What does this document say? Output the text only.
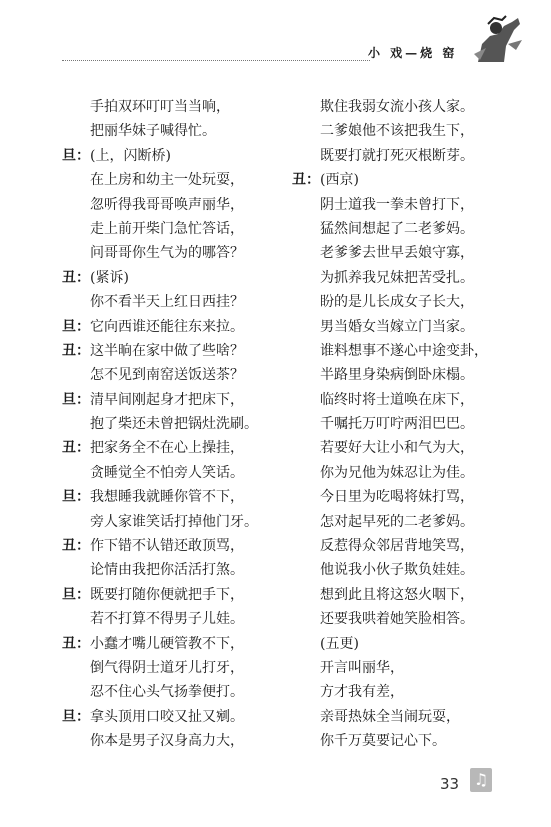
小 戏—烧 窑
手拍双环叮叮当当响，
把丽华妹子喊得忙。
旦：(上，闪断桥)
在上房和幼主一处玩耍，
忽听得我哥哥唤声丽华，
走上前开柴门急忙答话，
问哥哥你生气为的哪答？
丑：(紧诉)
你不看半天上红日西挂？
旦：它向西谁还能往东来拉。
丑：这半晌在家中做了些啥？
怎不见到南窑送饭送茶？
旦：清早间刚起身才把床下，
抱了柴还未曾把锅灶洗刷。
丑：把家务全不在心上操挂，
贪睡觉全不怕旁人笑话。
旦：我想睡我就睡你管不下，
旁人家谁笑话打掉他门牙。
丑：作下错不认错还敢顶骂，
论情由我把你活活打煞。
旦：既要打随你便就把手下，
若不打算不得男子儿娃。
丑：小蠢才嘴儿硬管教不下，
倒气得阴士道牙儿打牙，
忍不住心头气扬拳便打。
旦：拿头顶用口咬又扯又剜。
你本是男子汉身高力大，
欺住我弱女流小孩人家。
二爹娘他不该把我生下，
既要打就打死灭根断芽。
丑：(西京)
阴士道我一拳未曾打下，
猛然间想起了二老爹妈。
老爹爹去世早丢娘守寡，
为抓养我兄妹把苦受扎。
盼的是儿长成女子长大，
男当婚女当嫁立门当家。
谁料想事不遂心中途变卦，
半路里身染病倒卧床榻。
临终时将士道唤在床下，
千嘱托万叮咛两泪巴巴。
若要好大让小和气为大，
你为兄他为妹忍让为佳。
今日里为吃喝将妹打骂，
怎对起早死的二老爹妈。
反惹得众邻居背地笑骂，
他说我小伙子欺负娃娃。
想到此且将这怒火咽下，
还要我哄着她笑脸相答。
(五更)
开言叫丽华，
方才我有差，
亲哥热妹全当闹玩耍，
你千万莫要记心下。
33 ♫
